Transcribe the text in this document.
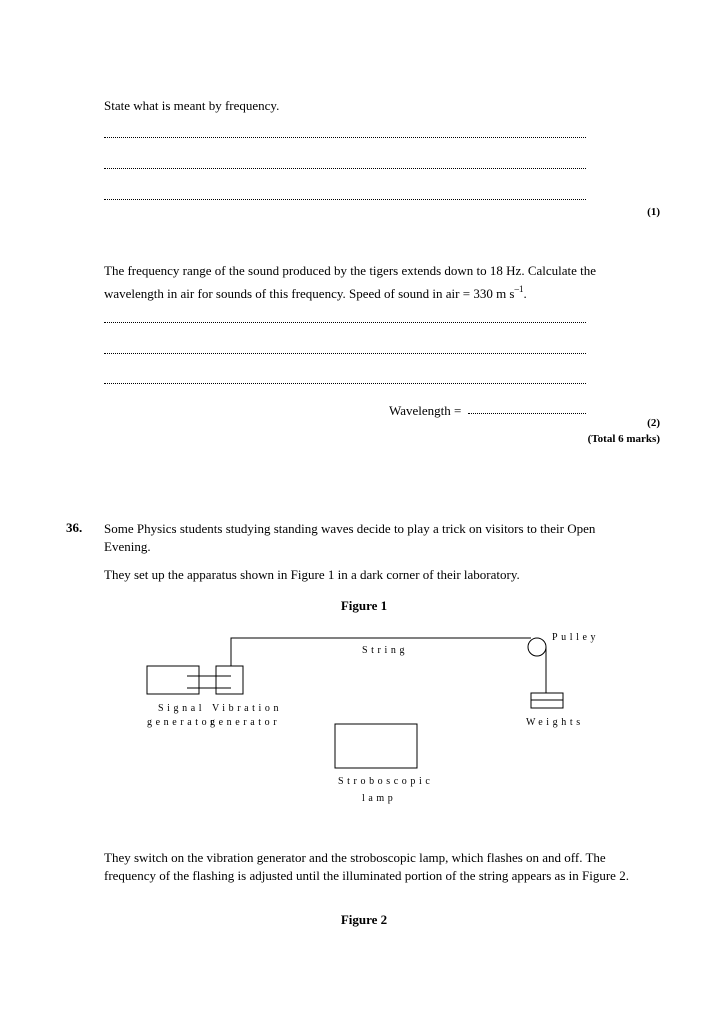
State what is meant by frequency.
(1)
The frequency range of the sound produced by the tigers extends down to 18 Hz. Calculate the wavelength in air for sounds of this frequency. Speed of sound in air = 330 m $s^{-1}$.
Wavelength =
(2)
(Total 6 marks)
36. Some Physics students studying standing waves decide to play a trick on visitors to their Open Evening.
They set up the apparatus shown in Figure 1 in a dark corner of their laboratory.
Figure 1
Pulley
String
Signal
generator
Vibration
generator	Weights
Stroboscopic
lamp
They switch on the vibration generator and the stroboscopic lamp, which flashes on and off. The frequency of the flashing is adjusted until the illuminated portion of the string appears as in Figure 2.
Figure 2
